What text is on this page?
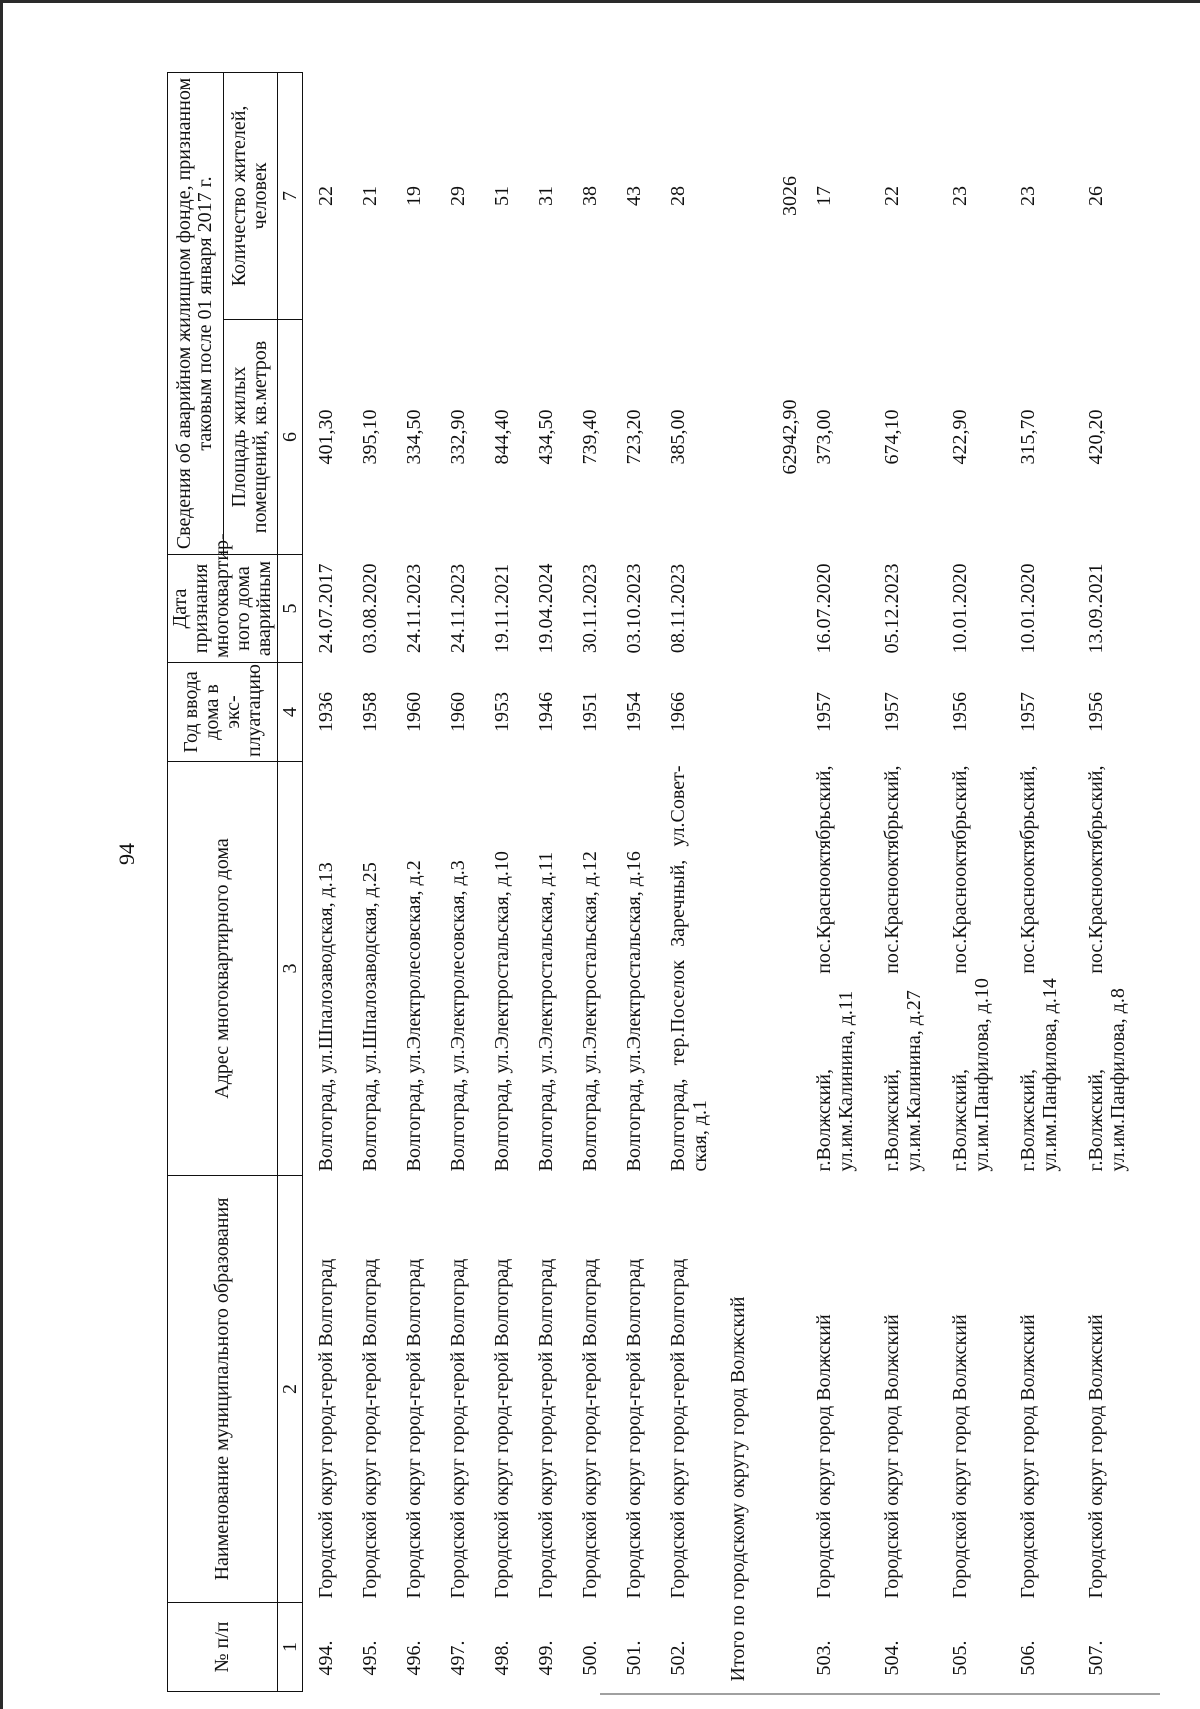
94
№ п/п	Наименование муниципального образования	Адрес многоквартирного дома	Год ввода дома в экс-плуатацию	Дата признания многоквартир-ного дома аварийным	Сведения об аварийном жилищном фонде, признанном таковым после 01 января 2017 г.	
					Площадь жилых помещений, кв.метров	Количество жителей, человек
1	2	3	4	5	6	7
494.	Городской округ город-герой Волгоград	Волгоград, ул.Шпалозаводская, д.13	1936	24.07.2017	401,30	22
495.	Городской округ город-герой Волгоград	Волгоград, ул.Шпалозаводская, д.25	1958	03.08.2020	395,10	21
496.	Городской округ город-герой Волгоград	Волгоград, ул.Электролесовская, д.2	1960	24.11.2023	334,50	19
497.	Городской округ город-герой Волгоград	Волгоград, ул.Электролесовская, д.3	1960	24.11.2023	332,90	29
498.	Городской округ город-герой Волгоград	Волгоград, ул.Электростальская, д.10	1953	19.11.2021	844,40	51
499.	Городской округ город-герой Волгоград	Волгоград, ул.Электростальская, д.11	1946	19.04.2024	434,50	31
500.	Городской округ город-герой Волгоград	Волгоград, ул.Электростальская, д.12	1951	30.11.2023	739,40	38
501.	Городской округ город-герой Волгоград	Волгоград, ул.Электростальская, д.16	1954	03.10.2023	723,20	43
502.	Городской округ город-герой Волгоград	Волгоград, тер.Поселок Заречный, ул.Совет-ская, д.1	1966	08.11.2023	385,00	28
Итого по городскому округу город Волжский					62942,90	3026
503.	Городской округ город Волжский	г.Волжский, пос.Краснооктябрьский, ул.им.Калинина, д.11	1957	16.07.2020	373,00	17
504.	Городской округ город Волжский	г.Волжский, пос.Краснооктябрьский, ул.им.Калинина, д.27	1957	05.12.2023	674,10	22
505.	Городской округ город Волжский	г.Волжский, пос.Краснооктябрьский, ул.им.Панфилова, д.10	1956	10.01.2020	422,90	23
506.	Городской округ город Волжский	г.Волжский, пос.Краснооктябрьский, ул.им.Панфилова, д.14	1957	10.01.2020	315,70	23
507.	Городской округ город Волжский	г.Волжский, пос.Краснооктябрьский, ул.им.Панфилова, д.8	1956	13.09.2021	420,20	26
